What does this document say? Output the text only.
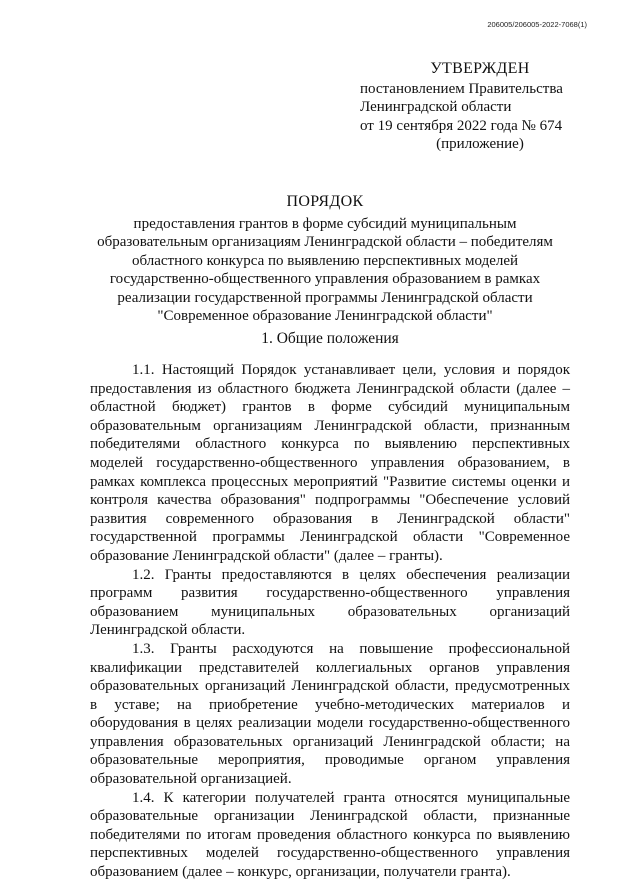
206005/206005-2022-7068(1)
УТВЕРЖДЕН
постановлением Правительства
Ленинградской области
от 19 сентября 2022 года № 674
(приложение)
ПОРЯДОК
предоставления грантов в форме субсидий муниципальным
образовательным организациям Ленинградской области – победителям
областного конкурса по выявлению перспективных моделей
государственно-общественного управления образованием в рамках
реализации государственной программы Ленинградской области
"Современное образование Ленинградской области"
1. Общие положения

1.1. Настоящий Порядок устанавливает цели, условия и порядок предоставления из областного бюджета Ленинградской области (далее – областной бюджет) грантов в форме субсидий муниципальным образовательным организациям Ленинградской области, признанным победителями областного конкурса по выявлению перспективных моделей государственно-общественного управления образованием, в рамках комплекса процессных мероприятий "Развитие системы оценки и контроля качества образования" подпрограммы "Обеспечение условий развития современного образования в Ленинградской области" государственной программы Ленинградской области "Современное образование Ленинградской области" (далее – гранты).

1.2. Гранты предоставляются в целях обеспечения реализации программ развития государственно-общественного управления образованием муниципальных образовательных организаций Ленинградской области.

1.3. Гранты расходуются на повышение профессиональной квалификации представителей коллегиальных органов управления образовательных организаций Ленинградской области, предусмотренных в уставе; на приобретение учебно-методических материалов и оборудования в целях реализации модели государственно-общественного управления образовательных организаций Ленинградской области; на образовательные мероприятия, проводимые органом управления образовательной организацией.

1.4. К категории получателей гранта относятся муниципальные образовательные организации Ленинградской области, признанные победителями по итогам проведения областного конкурса по выявлению перспективных моделей государственно-общественного управления образованием (далее – конкурс, организации, получатели гранта).
